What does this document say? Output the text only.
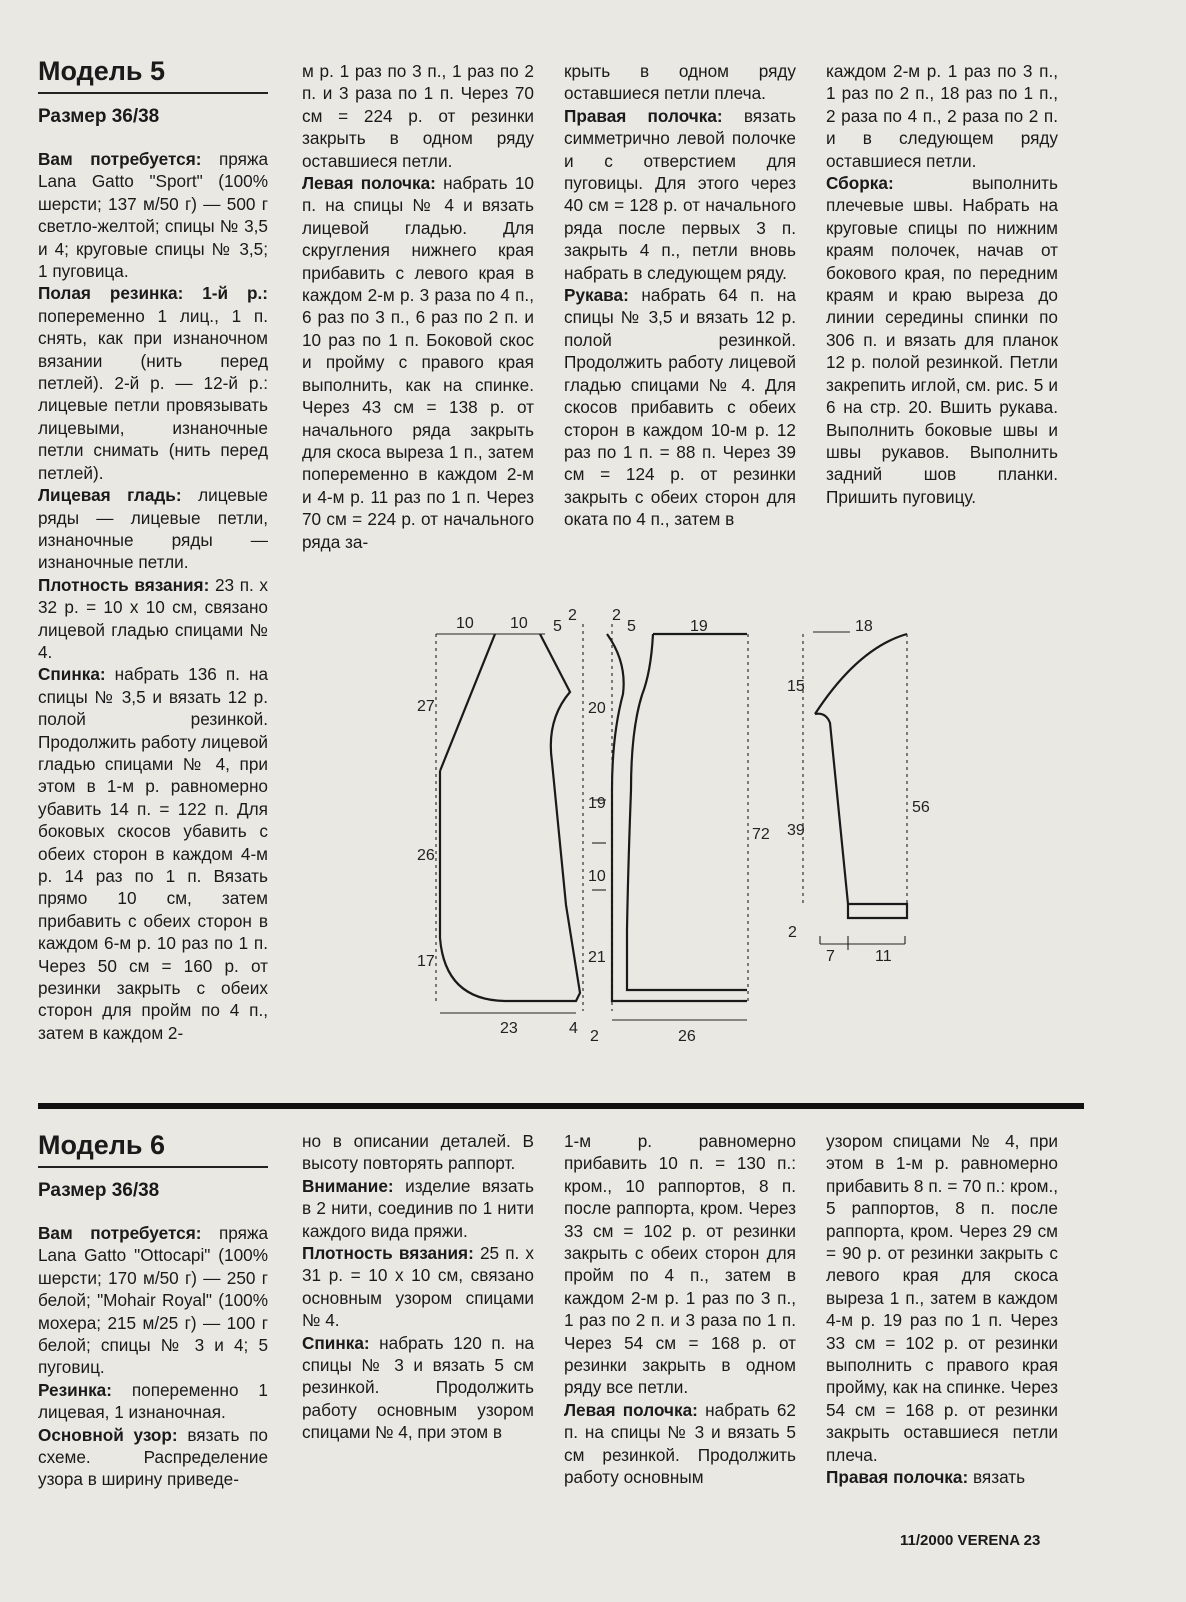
Модель 5
Размер 36/38

Вам потребуется: пряжа Lana Gatto "Sport" (100% шерсти; 137 м/50 г) — 500 г светло-желтой; спицы № 3,5 и 4; круговые спицы № 3,5; 1 пуговица.

Полая резинка: 1-й р.: попеременно 1 лиц., 1 п. снять, как при изнаночном вязании (нить перед петлей). 2-й р. — 12-й р.: лицевые петли провязывать лицевыми, изнаночные петли снимать (нить перед петлей).

Лицевая гладь: лицевые ряды — лицевые петли, изнаночные ряды — изнаночные петли.

Плотность вязания: 23 п. х 32 р. = 10 х 10 см, связано лицевой гладью спицами № 4.

Спинка: набрать 136 п. на спицы № 3,5 и вязать 12 р. полой резинкой. Продолжить работу лицевой гладью спицами № 4, при этом в 1-м р. равномерно убавить 14 п. = 122 п. Для боковых скосов убавить с обеих сторон в каждом 4-м р. 14 раз по 1 п. Вязать прямо 10 см, затем прибавить с обеих сторон в каждом 6-м р. 10 раз по 1 п. Через 50 см = 160 р. от резинки закрыть с обеих сторон для пройм по 4 п., затем в каждом 2-

м р. 1 раз по 3 п., 1 раз по 2 п. и 3 раза по 1 п. Через 70 см = 224 р. от резинки закрыть в одном ряду оставшиеся петли.

Левая полочка: набрать 10 п. на спицы № 4 и вязать лицевой гладью. Для скругления нижнего края прибавить с левого края в каждом 2-м р. 3 раза по 4 п., 6 раз по 3 п., 6 раз по 2 п. и 10 раз по 1 п. Боковой скос и пройму с правого края выполнить, как на спинке. Через 43 см = 138 р. от начального ряда закрыть для скоса выреза 1 п., затем попеременно в каждом 2-м и 4-м р. 11 раз по 1 п. Через 70 см = 224 р. от начального ряда за-

крыть в одном ряду оставшиеся петли плеча.

Правая полочка: вязать симметрично левой полочке и с отверстием для пуговицы. Для этого через 40 см = 128 р. от начального ряда после первых 3 п. закрыть 4 п., петли вновь набрать в следующем ряду.

Рукава: набрать 64 п. на спицы № 3,5 и вязать 12 р. полой резинкой. Продолжить работу лицевой гладью спицами № 4. Для скосов прибавить с обеих сторон в каждом 10-м р. 12 раз по 1 п. = 88 п. Через 39 см = 124 р. от резинки закрыть с обеих сторон для оката по 4 п., затем в

каждом 2-м р. 1 раз по 3 п., 1 раз по 2 п., 18 раз по 1 п., 2 раза по 4 п., 2 раза по 2 п. и в следующем ряду оставшиеся петли.

Сборка: выполнить плечевые швы. Набрать на круговые спицы по нижним краям полочек, начав от бокового края, по передним краям и краю выреза до линии середины спинки по 306 п. и вязать для планок 12 р. полой резинкой. Петли закрепить иглой, см. рис. 5 и 6 на стр. 20. Вшить рукава. Выполнить боковые швы и швы рукавов. Выполнить задний шов планки. Пришить пуговицу.

10 10 5
2
27
26
17
23	4
2
5	19
20
19
10
21
72
2	26
18
15
39
2
56
7	11
Модель 6
Размер 36/38

Вам потребуется: пряжа Lana Gatto "Ottocapi" (100% шерсти; 170 м/50 г) — 250 г белой; "Mohair Royal" (100% мохера; 215 м/25 г) — 100 г белой; спицы № 3 и 4; 5 пуговиц.

Резинка: попеременно 1 лицевая, 1 изнаночная.

Основной узор: вязать по схеме. Распределение узора в ширину приведе-

но в описании деталей. В высоту повторять раппорт.

Внимание: изделие вязать в 2 нити, соединив по 1 нити каждого вида пряжи.

Плотность вязания: 25 п. х 31 р. = 10 х 10 см, связано основным узором спицами № 4.

Спинка: набрать 120 п. на спицы № 3 и вязать 5 см резинкой. Продолжить работу основным узором спицами № 4, при этом в

1-м р. равномерно прибавить 10 п. = 130 п.: кром., 10 раппортов, 8 п. после раппорта, кром. Через 33 см = 102 р. от резинки закрыть с обеих сторон для пройм по 4 п., затем в каждом 2-м р. 1 раз по 3 п., 1 раз по 2 п. и 3 раза по 1 п. Через 54 см = 168 р. от резинки закрыть в одном ряду все петли.

Левая полочка: набрать 62 п. на спицы № 3 и вязать 5 см резинкой. Продолжить работу основным

узором спицами № 4, при этом в 1-м р. равномерно прибавить 8 п. = 70 п.: кром., 5 раппортов, 8 п. после раппорта, кром. Через 29 см = 90 р. от резинки закрыть с левого края для скоса выреза 1 п., затем в каждом 4-м р. 19 раз по 1 п. Через 33 см = 102 р. от резинки выполнить с правого края пройму, как на спинке. Через 54 см = 168 р. от резинки закрыть оставшиеся петли плеча.

Правая полочка: вязать

11/2000 VERENA 23
